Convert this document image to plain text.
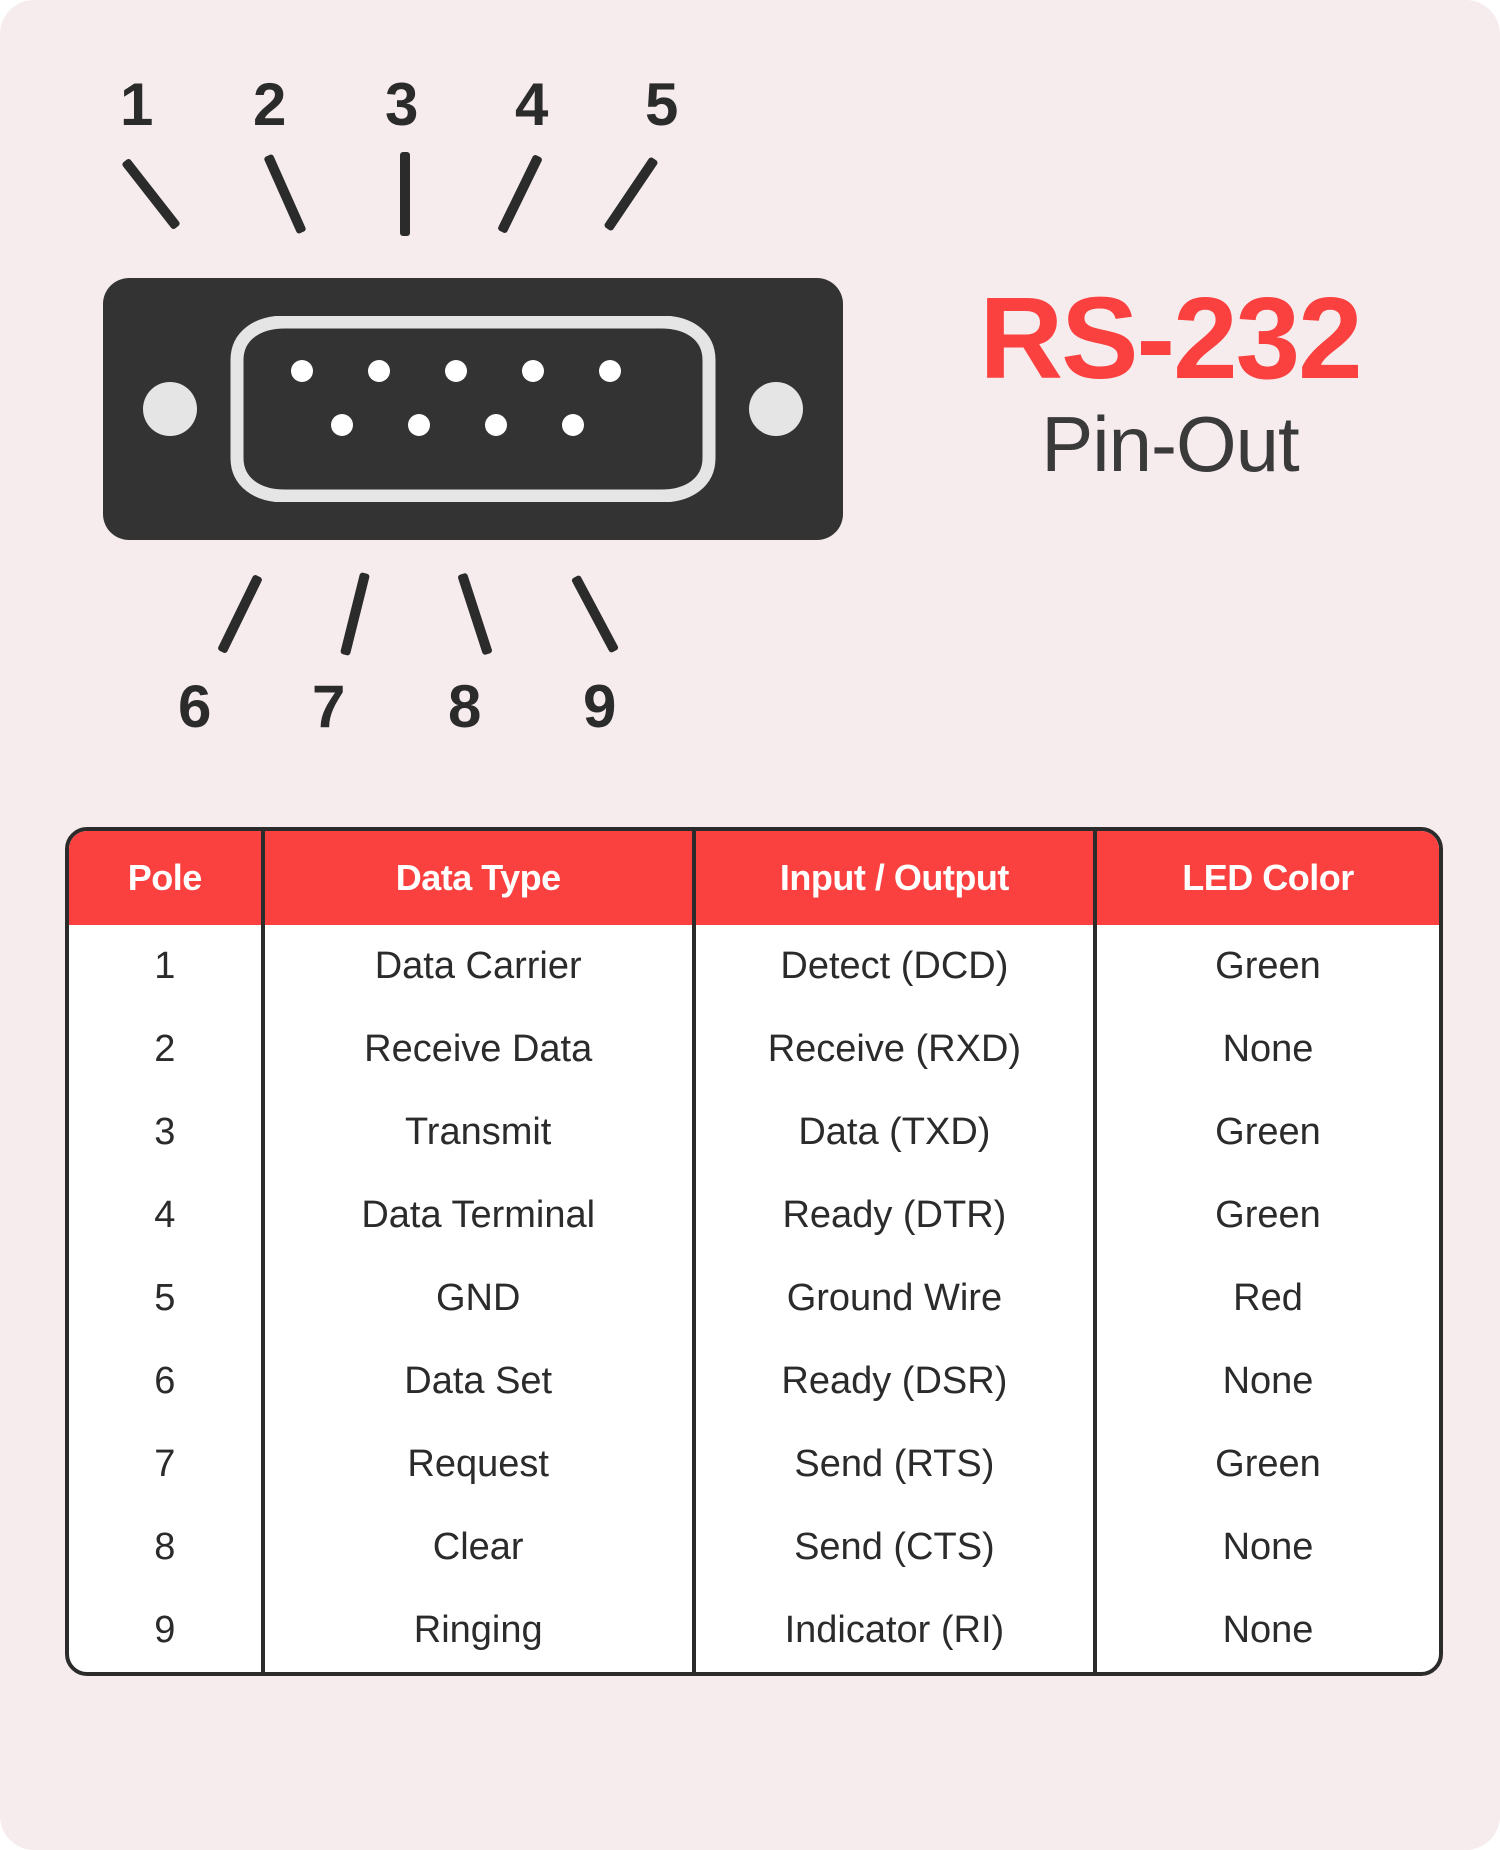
1 2 3 4 5
6 7 8 9
RS-232
Pin-Out
Pole	Data Type	Input / Output	LED Color
1	Data Carrier	Detect (DCD)	Green
2	Receive Data	Receive (RXD)	None
3	Transmit	Data (TXD)	Green
4	Data Terminal	Ready (DTR)	Green
5	GND	Ground Wire	Red
6	Data Set	Ready (DSR)	None
7	Request	Send (RTS)	Green
8	Clear	Send (CTS)	None
9	Ringing	Indicator (RI)	None
